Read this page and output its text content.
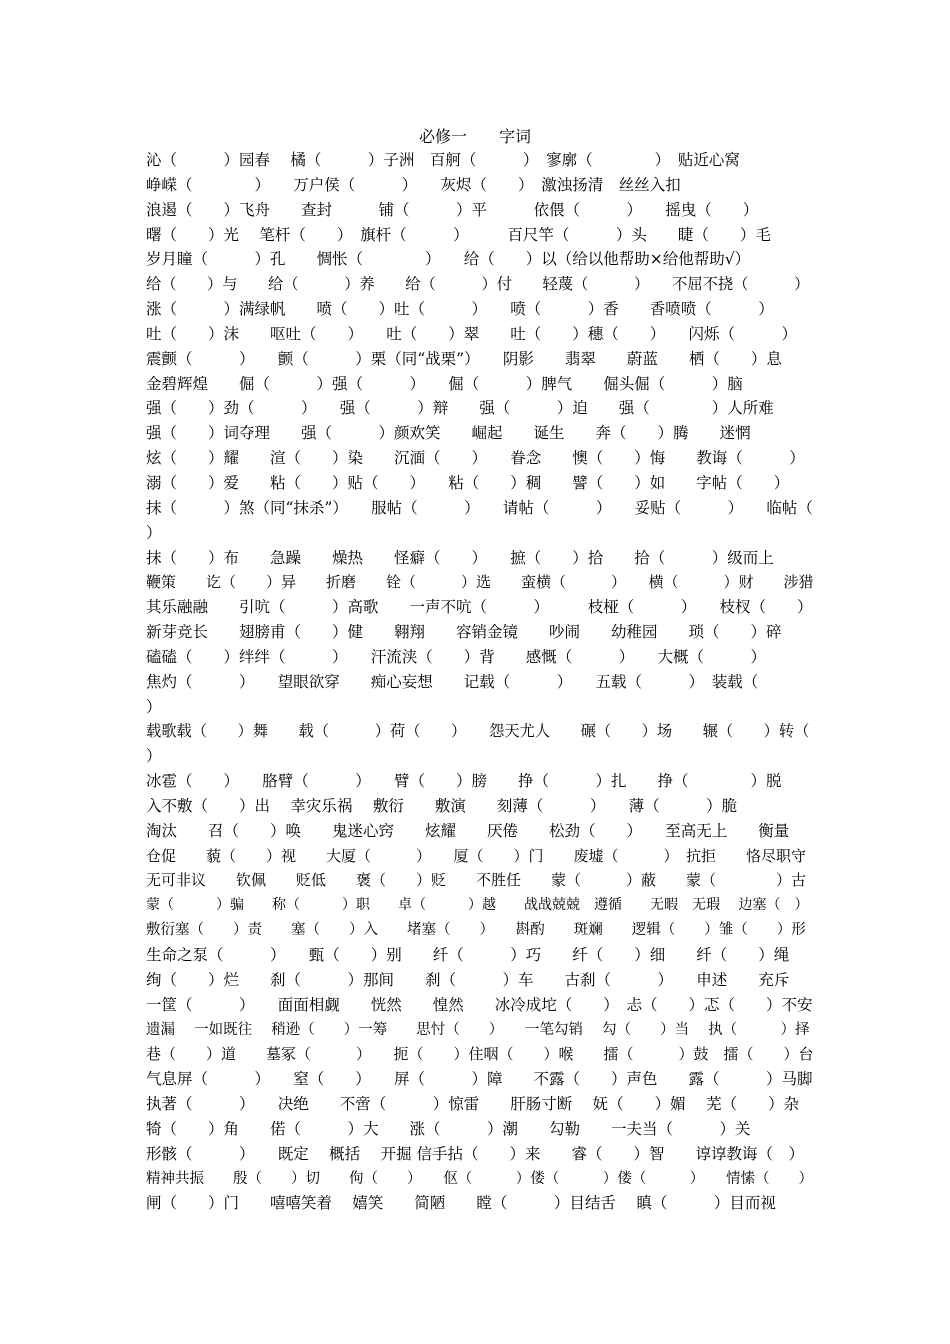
必修一　　字词
沁（　　　）园春　 橘（　　　）子洲　百舸（　　　）　寥廓（　　　　）　贴近心窝
峥嵘（　　　　）　　万户侯（　　　）　　灰烬（　　）　激浊扬清　丝丝入扣
浪遏（　　）飞舟　　查封　　　铺（　　　）平　　　依偎（　　　）　　摇曳（　　）
曙（　　）光　 笔杆（　　）　旗杆（　　　）　　　百尺竿（　　　）头　　睫（　　）毛
岁月瞳（　　　）孔　　惆怅（　　　　）　　给（　　）以（给以他帮助×给他帮助√）
给（　　）与　　给（　　　）养　　给（　　　）付　　轻蔑（　　　）　　不屈不挠（　　　）
涨（　　　）满绿帆　　喷（　　）吐（　　　）　　喷（　　　）香　　香喷喷（　　　）
吐（　　）沫　　呕吐（　　）　　吐（　　）翠　　吐（　　）穗（　　）　　闪烁（　　　）
震颤（　　　）　　颤（　　　）栗（同“战栗”）　　阴影　　翡翠　　蔚蓝　　栖（　　）息
金碧辉煌　　倔（　　　）强（　　　）　　倔（　　　）脾气　　倔头倔（　　　）脑
强（　　）劲（　　　）　　强（　　　）辩　　强（　　　）迫　　强（　　　　）人所难
强（　　）词夺理　　强（　　　）颜欢笑　　崛起　　诞生　　奔（　　）腾　　迷惘
炫（　　）耀　　渲（　　）染　　沉湎（　　）　　眷念　　懊（　　）悔　　教诲（　　　）
溺（　　）爱　　粘（　　）贴（　　）　　粘（　　）稠　　譬（　　）如　　字帖（　　）
抹（　　　）煞（同“抹杀”）　　服帖（　　　）　　请帖（　　　）　　妥贴（　　　）　　临帖（
）
抹（　　）布　　急躁　　燥热　　怪癖（　　）　　摭（　　）拾　　拾（　　　）级而上
鞭策　　讫（　　）异　　折磨　　铨（　　　）选　　蛮横（　　　）　　横（　　　）财　　涉猎
其乐融融　　引吭（　　　）高歌　　一声不吭（　　　）　　　枝桠（　　　）　　枝杈（　　）
新芽竞长　　翅膀甫（　　）健　　翱翔　　容销金镜　　吵闹　　幼稚园　　琐（　　）碎
磕磕（　　）绊绊（　　　）　　汗流浃（　　）背　　感慨（　　　）　　大概（　　　）
焦灼（　　　）　　望眼欲穿　　痴心妄想　　记载（　　　）　　五载（　　　）　装载（
）
载歌载（　　）舞　　载（　　　）荷（　　）　　怨天尤人　　碾（　　）场　　辗（　　）转（
）
冰雹（　　）　　胳臂（　　　）　　臂（　　）膀　　挣（　　　）扎　　挣（　　　　）脱
入不敷（　　）出　 幸灾乐祸　 敷衍　　敷演　　刻薄（　　　）　　薄（　　　）脆
淘汰　　召（　　）唤　　鬼迷心窍　　炫耀　　厌倦　　松劲（　　）　　至高无上　　衡量
仓促　　藐（　　）视　　大厦（　　　）　　厦（　　）门　　废墟（　　　）　抗拒　　恪尽职守
无可非议　　钦佩　　贬低　　褒（　　）贬　　不胜任　　蒙（　　　）蔽　　蒙（　　　　）古
蒙（　　　）骗　　称（　　　）职　　卓（　　　）越　　战战兢兢　遵循　　无暇　无瑕　 边塞（　）
敷衍塞（　　）责　　塞（　　）入　　堵塞（　　）　　斟酌　　斑斓　　逻辑（　　）雏（　　）形
生命之泵（　　　）　　甄（　　）别　　纤（　　　）巧　　纤（　　）细　　纤（　　）绳
绚（　　）烂　　刹（　　　）那间　　刹（　　　）车　　古刹（　　　）　　申述　　充斥
一筐（　　　）　　面面相觑　　恍然　　惶然　　冰冷成坨（　　）　忐（　　）忑（　　）不安
遗漏　 一如既往　 稍逊（　　）一筹　　思忖（　　）　　一笔勾销　 勾（　　）当　 执（　　　）择
巷（　　）道　　墓冢（　　　）　　扼（　　）住咽（　　）喉　　擂（　　　）鼓　擂（　　）台
气息屏（　　　）　　窒（　　）　　屏（　　　）障　　不露（　　）声色　　露（　　　）马脚
执著（　　　）　　决绝　　不啻（　　　）惊雷　　肝肠寸断　 妩（　　）媚　 芜（　　）杂
犄（　　）角　　偌（　　　）大　　涨（　　　）潮　　勾勒　　一夫当（　　　）关
形骸（　　　）　　既定　 概括　 开掘 信手拈（　　）来　　睿（　　）智　　谆谆教诲（　）
精神共振　　殷（　　）切　　佝（　　）　　伛（　　　）偻（　　　）偻（　　　）　　情愫（　　）
闸（　　）门　　嘻嘻笑着　 嬉笑　　简陋　　瞠（　　　）目结舌　 瞋（　　　）目而视
